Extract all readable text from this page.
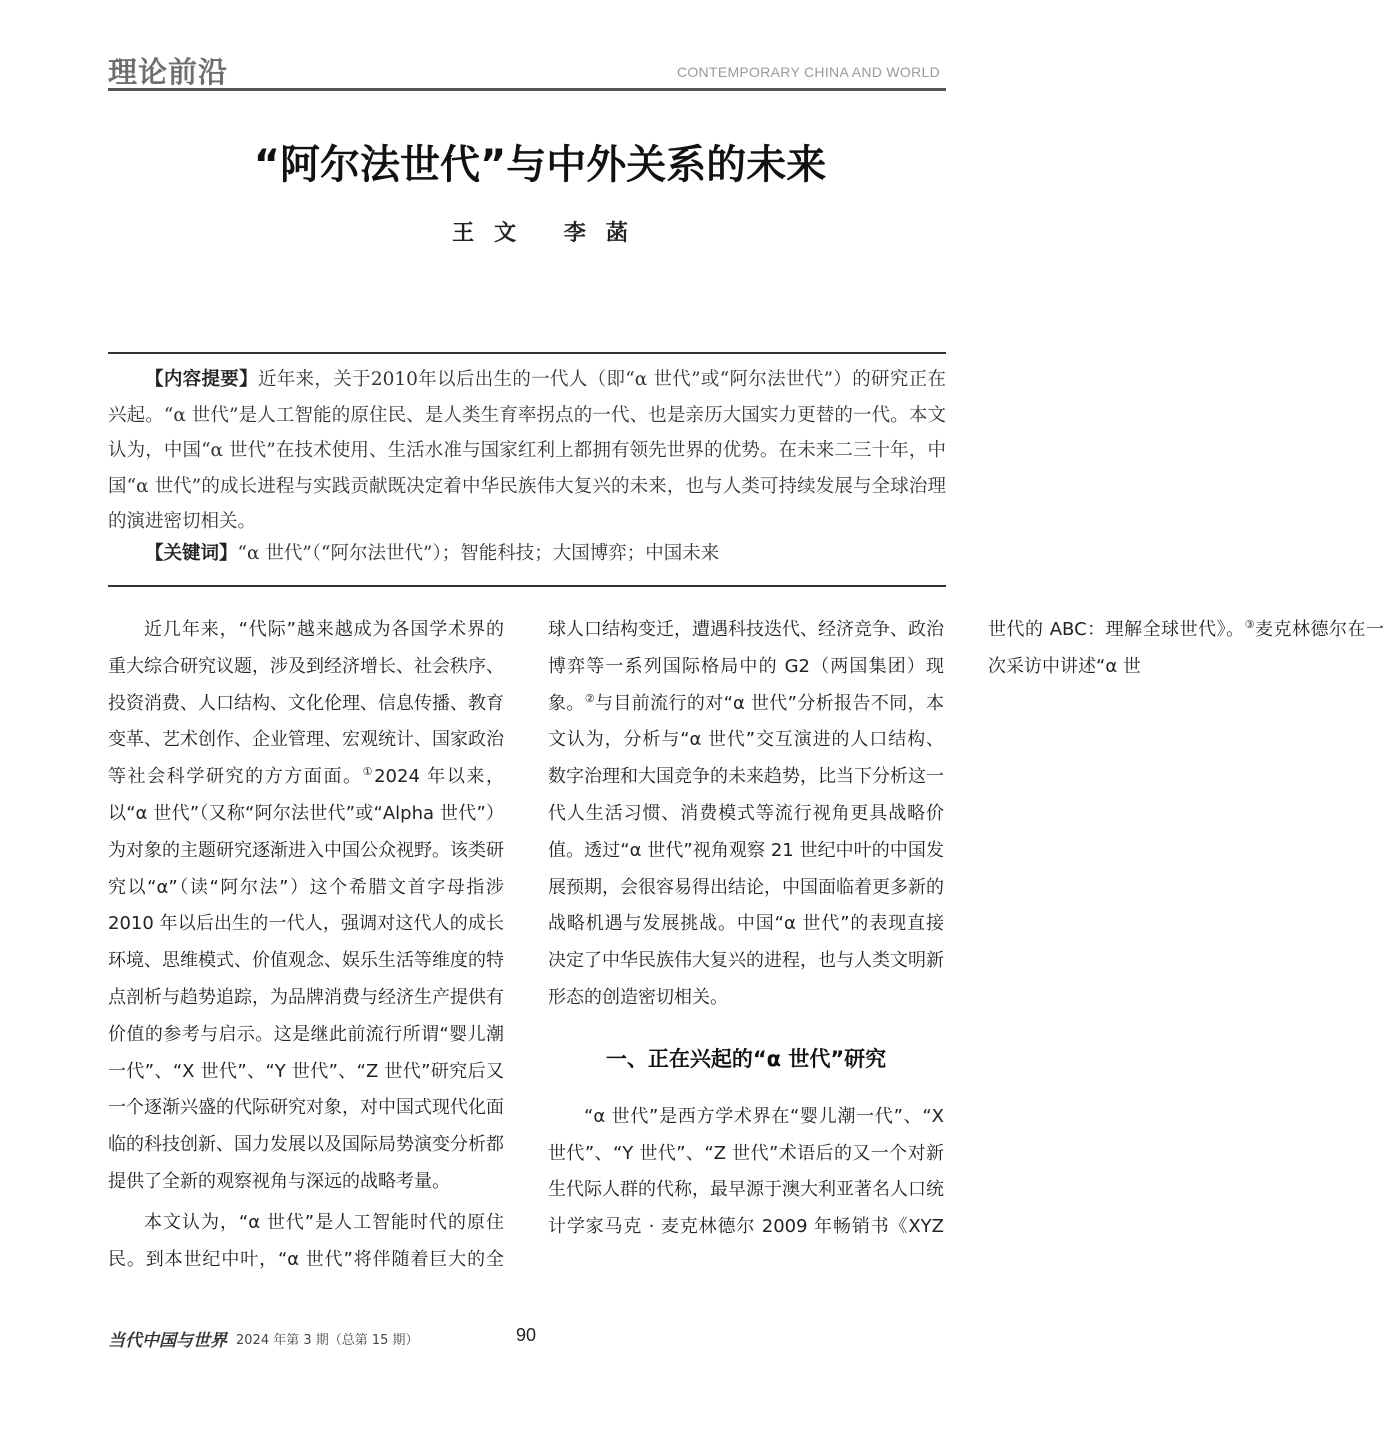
理论前沿	CONTEMPORARY CHINA AND WORLD
“阿尔法世代”与中外关系的未来
王文 李菡
【内容提要】近年来，关于2010年以后出生的一代人（即“α 世代”或“阿尔法世代”）的研究正在兴起。“α 世代”是人工智能的原住民、是人类生育率拐点的一代、也是亲历大国实力更替的一代。本文认为，中国“α 世代”在技术使用、生活水准与国家红利上都拥有领先世界的优势。在未来二三十年，中国“α 世代”的成长进程与实践贡献既决定着中华民族伟大复兴的未来，也与人类可持续发展与全球治理的演进密切相关。
【关键词】“α 世代”（“阿尔法世代”）；智能科技；大国博弈；中国未来
当代中国与世界 2024 年第 3 期（总第 15 期）	90

近几年来，“代际”越来越成为各国学术界的重大综合研究议题，涉及到经济增长、社会秩序、投资消费、人口结构、文化伦理、信息传播、教育变革、艺术创作、企业管理、宏观统计、国家政治等社会科学研究的方方面面。①2024 年以来，以“α 世代”（又称“阿尔法世代”或“Alpha 世代”）为对象的主题研究逐渐进入中国公众视野。该类研究以“α”（读“阿尔法”）这个希腊文首字母指涉 2010 年以后出生的一代人，强调对这代人的成长环境、思维模式、价值观念、娱乐生活等维度的特点剖析与趋势追踪，为品牌消费与经济生产提供有价值的参考与启示。这是继此前流行所谓“婴儿潮一代”、“X 世代”、“Y 世代”、“Z 世代”研究后又一个逐渐兴盛的代际研究对象，对中国式现代化面临的科技创新、国力发展以及国际局势演变分析都提供了全新的观察视角与深远的战略考量。

本文认为，“α 世代”是人工智能时代的原住民。到本世纪中叶，“α 世代”将伴随着巨大的全球人口结构变迁，遭遇科技迭代、经济竞争、政治博弈等一系列国际格局中的 G2（两国集团）现象。②与目前流行的对“α 世代”分析报告不同，本文认为，分析与“α 世代”交互演进的人口结构、数字治理和大国竞争的未来趋势，比当下分析这一代人生活习惯、消费模式等流行视角更具战略价值。透过“α 世代”视角观察 21 世纪中叶的中国发展预期，会很容易得出结论，中国面临着更多新的战略机遇与发展挑战。中国“α 世代”的表现直接决定了中华民族伟大复兴的进程，也与人类文明新形态的创造密切相关。

一、正在兴起的“α 世代”研究

“α 世代”是西方学术界在“婴儿潮一代”、“X 世代”、“Y 世代”、“Z 世代”术语后的又一个对新生代际人群的代称，最早源于澳大利亚著名人口统计学家马克 · 麦克林德尔 2009 年畅销书《XYZ 世代的 ABC：理解全球世代》。③麦克林德尔在一次采访中讲述“α 世
